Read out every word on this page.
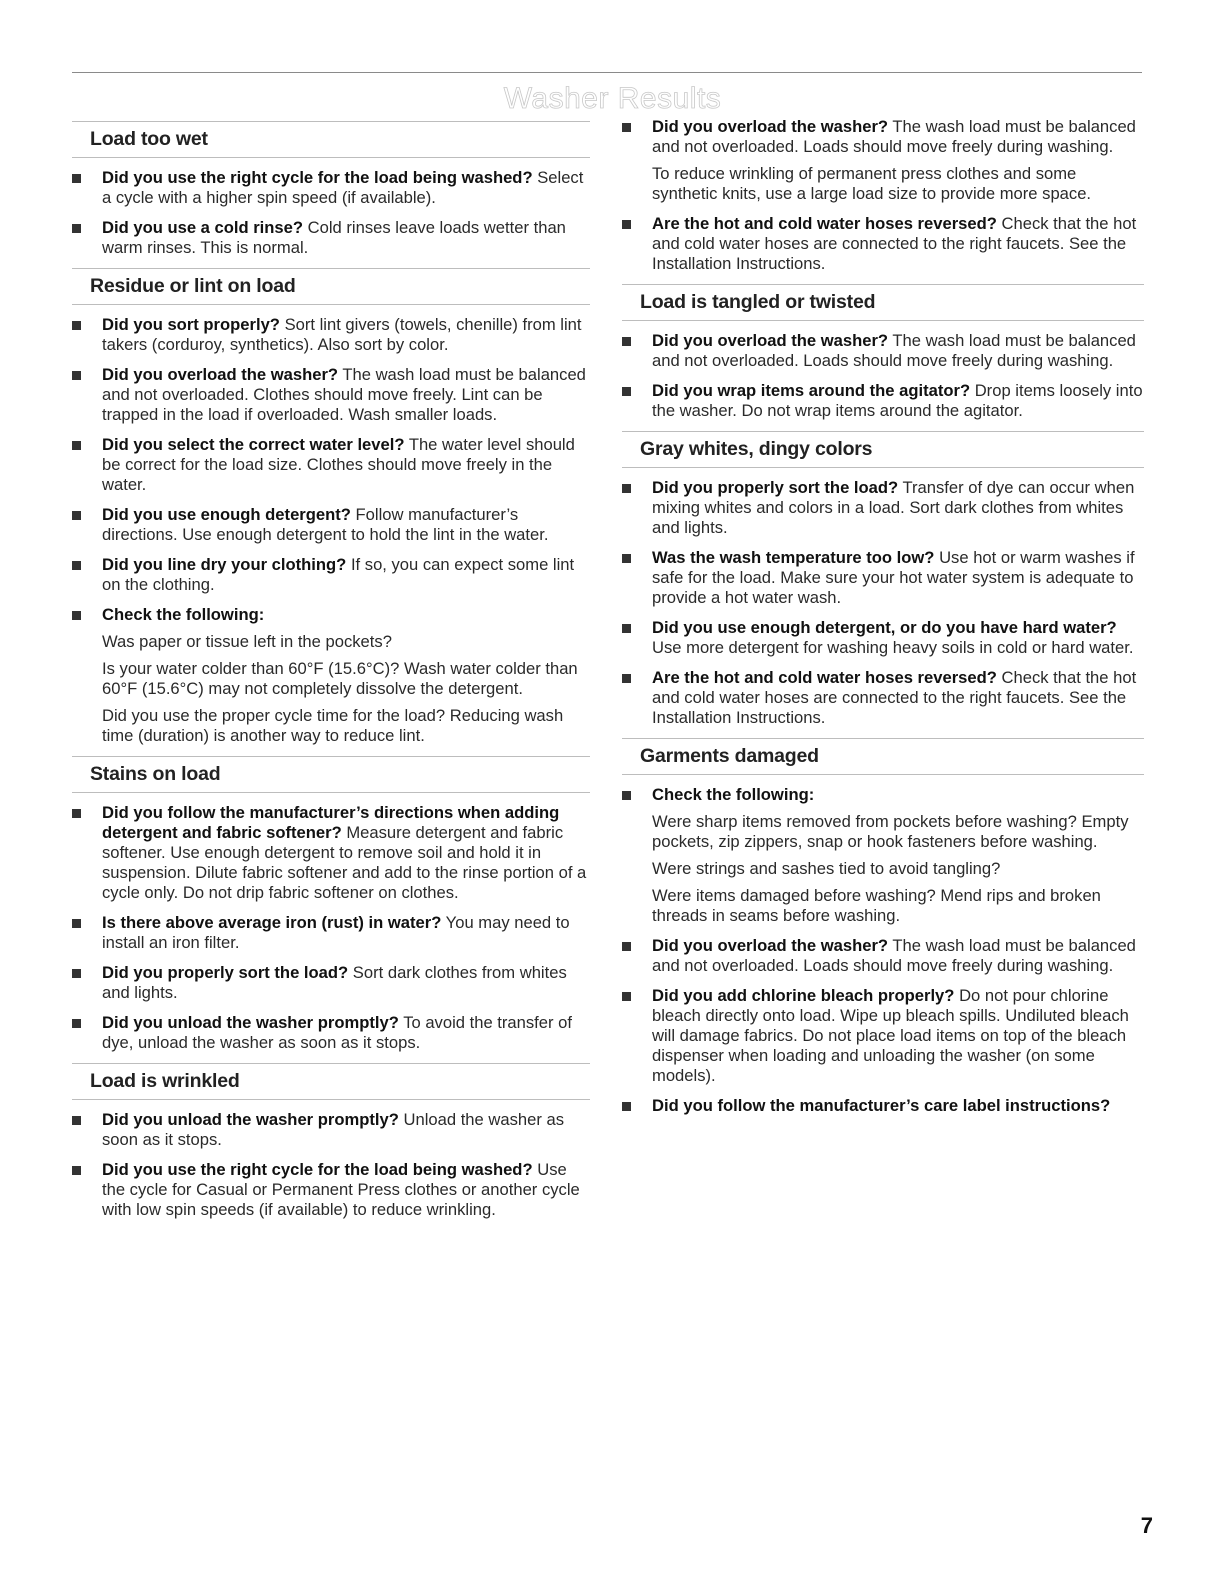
Washer Results
Load too wet
Did you use the right cycle for the load being washed? Select a cycle with a higher spin speed (if available).
Did you use a cold rinse? Cold rinses leave loads wetter than warm rinses. This is normal.
Residue or lint on load
Did you sort properly? Sort lint givers (towels, chenille) from lint takers (corduroy, synthetics). Also sort by color.
Did you overload the washer? The wash load must be balanced and not overloaded. Clothes should move freely. Lint can be trapped in the load if overloaded. Wash smaller loads.
Did you select the correct water level? The water level should be correct for the load size. Clothes should move freely in the water.
Did you use enough detergent? Follow manufacturer’s directions. Use enough detergent to hold the lint in the water.
Did you line dry your clothing? If so, you can expect some lint on the clothing.
Check the following:
Was paper or tissue left in the pockets?
Is your water colder than 60°F (15.6°C)? Wash water colder than 60°F (15.6°C) may not completely dissolve the detergent.
Did you use the proper cycle time for the load? Reducing wash time (duration) is another way to reduce lint.
Stains on load
Did you follow the manufacturer’s directions when adding detergent and fabric softener? Measure detergent and fabric softener. Use enough detergent to remove soil and hold it in suspension. Dilute fabric softener and add to the rinse portion of a cycle only. Do not drip fabric softener on clothes.
Is there above average iron (rust) in water? You may need to install an iron filter.
Did you properly sort the load? Sort dark clothes from whites and lights.
Did you unload the washer promptly? To avoid the transfer of dye, unload the washer as soon as it stops.
Load is wrinkled
Did you unload the washer promptly? Unload the washer as soon as it stops.
Did you use the right cycle for the load being washed? Use the cycle for Casual or Permanent Press clothes or another cycle with low spin speeds (if available) to reduce wrinkling.
Did you overload the washer? The wash load must be balanced and not overloaded. Loads should move freely during washing.
To reduce wrinkling of permanent press clothes and some synthetic knits, use a large load size to provide more space.
Are the hot and cold water hoses reversed? Check that the hot and cold water hoses are connected to the right faucets. See the Installation Instructions.
Load is tangled or twisted
Did you overload the washer? The wash load must be balanced and not overloaded. Loads should move freely during washing.
Did you wrap items around the agitator? Drop items loosely into the washer. Do not wrap items around the agitator.
Gray whites, dingy colors
Did you properly sort the load? Transfer of dye can occur when mixing whites and colors in a load. Sort dark clothes from whites and lights.
Was the wash temperature too low? Use hot or warm washes if safe for the load. Make sure your hot water system is adequate to provide a hot water wash.
Did you use enough detergent, or do you have hard water? Use more detergent for washing heavy soils in cold or hard water.
Are the hot and cold water hoses reversed? Check that the hot and cold water hoses are connected to the right faucets. See the Installation Instructions.
Garments damaged
Check the following:
Were sharp items removed from pockets before washing? Empty pockets, zip zippers, snap or hook fasteners before washing.
Were strings and sashes tied to avoid tangling?
Were items damaged before washing? Mend rips and broken threads in seams before washing.
Did you overload the washer? The wash load must be balanced and not overloaded. Loads should move freely during washing.
Did you add chlorine bleach properly? Do not pour chlorine bleach directly onto load. Wipe up bleach spills. Undiluted bleach will damage fabrics. Do not place load items on top of the bleach dispenser when loading and unloading the washer (on some models).
Did you follow the manufacturer’s care label instructions?
7
